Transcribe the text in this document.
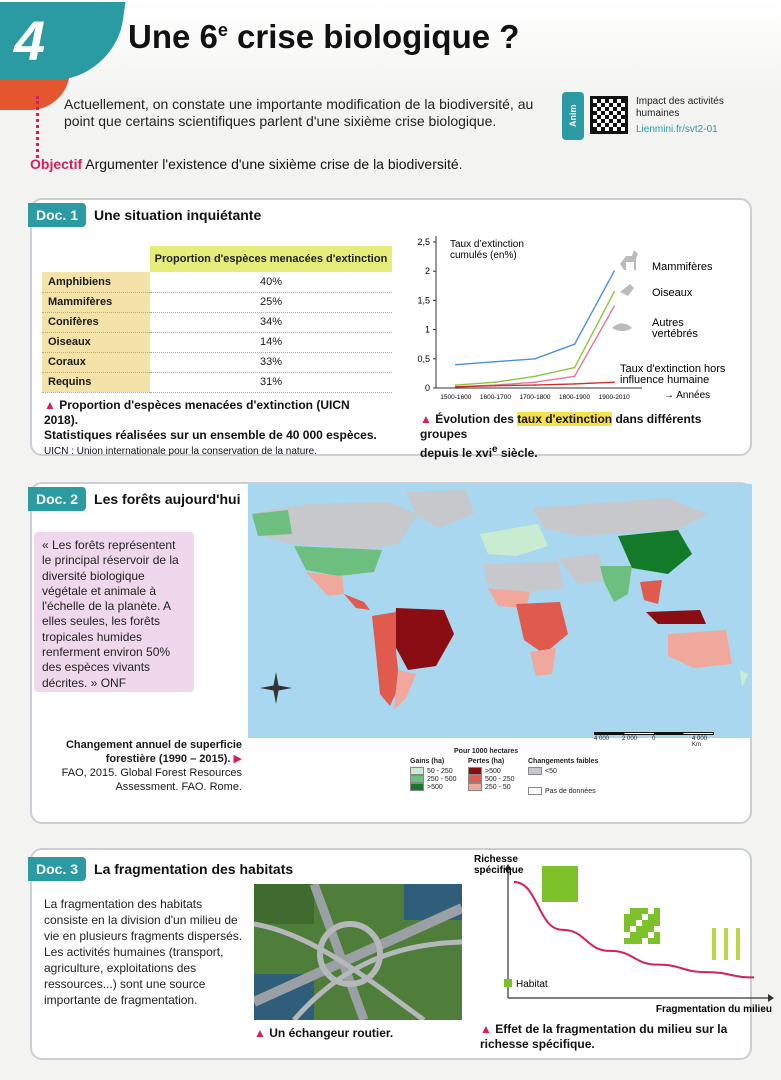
4	Une 6e crise biologique ?
Actuellement, on constate une importante modification de la biodiversité, au point que certains scientifiques parlent d'une sixième crise biologique.
Objectif Argumenter l'existence d'une sixième crise de la biodiversité.
Anim
Impact des activités humaines
Lienmini.fr/svt2-01
Doc. 1	Une situation inquiétante
	Proportion d'espèces menacées d'extinction
Amphibiens	40%
Mammifères	25%
Conifères	34%
Oiseaux	14%
Coraux	33%
Requins	31%
▲ Proportion d'espèces menacées d'extinction (UICN 2018).
Statistiques réalisées sur un ensemble de 40 000 espèces.
UICN : Union internationale pour la conservation de la nature.
0
0,5
1
1,5
2
2,5
1500-1600 1600-1700 1700-1800 1800-1900 1900-2010
Taux d’extinction
cumulés (en%)
→ Années
Mammifères
Oiseaux
Autres
vertébrés
Taux d'extinction hors
influence humaine
▲ Évolution des taux d'extinction dans différents groupes
depuis le xvi$^e$ siècle.
Doc. 2	Les forêts aujourd'hui
« Les forêts représentent le principal réservoir de la diversité biologique végétale et animale à l'échelle de la planète. A elles seules, les forêts tropicales humides renferment environ 50% des espèces vivants décrites. » ONF
Changement annuel de superficie forestière (1990 – 2015). ▶
FAO, 2015. Global Forest Resources Assessment. FAO. Rome.
4 000 2 000 0	4 000 Km
Pour 1000 hectares
Gains (ha)
50 - 250
250 - 500
>500
Pertes (ha)
>500
500 - 250
250 - 50
Changements faibles
<50
Pas de données
Doc. 3	La fragmentation des habitats
La fragmentation des habitats consiste en la division d'un milieu de vie en plusieurs fragments dispersés. Les activités humaines (transport, agriculture, exploitations des ressources...) sont une source importante de fragmentation.
▲ Un échangeur routier.
Richesse
spécifique
Fragmentation du milieu
Habitat
▲ Effet de la fragmentation du milieu sur la richesse spécifique.
